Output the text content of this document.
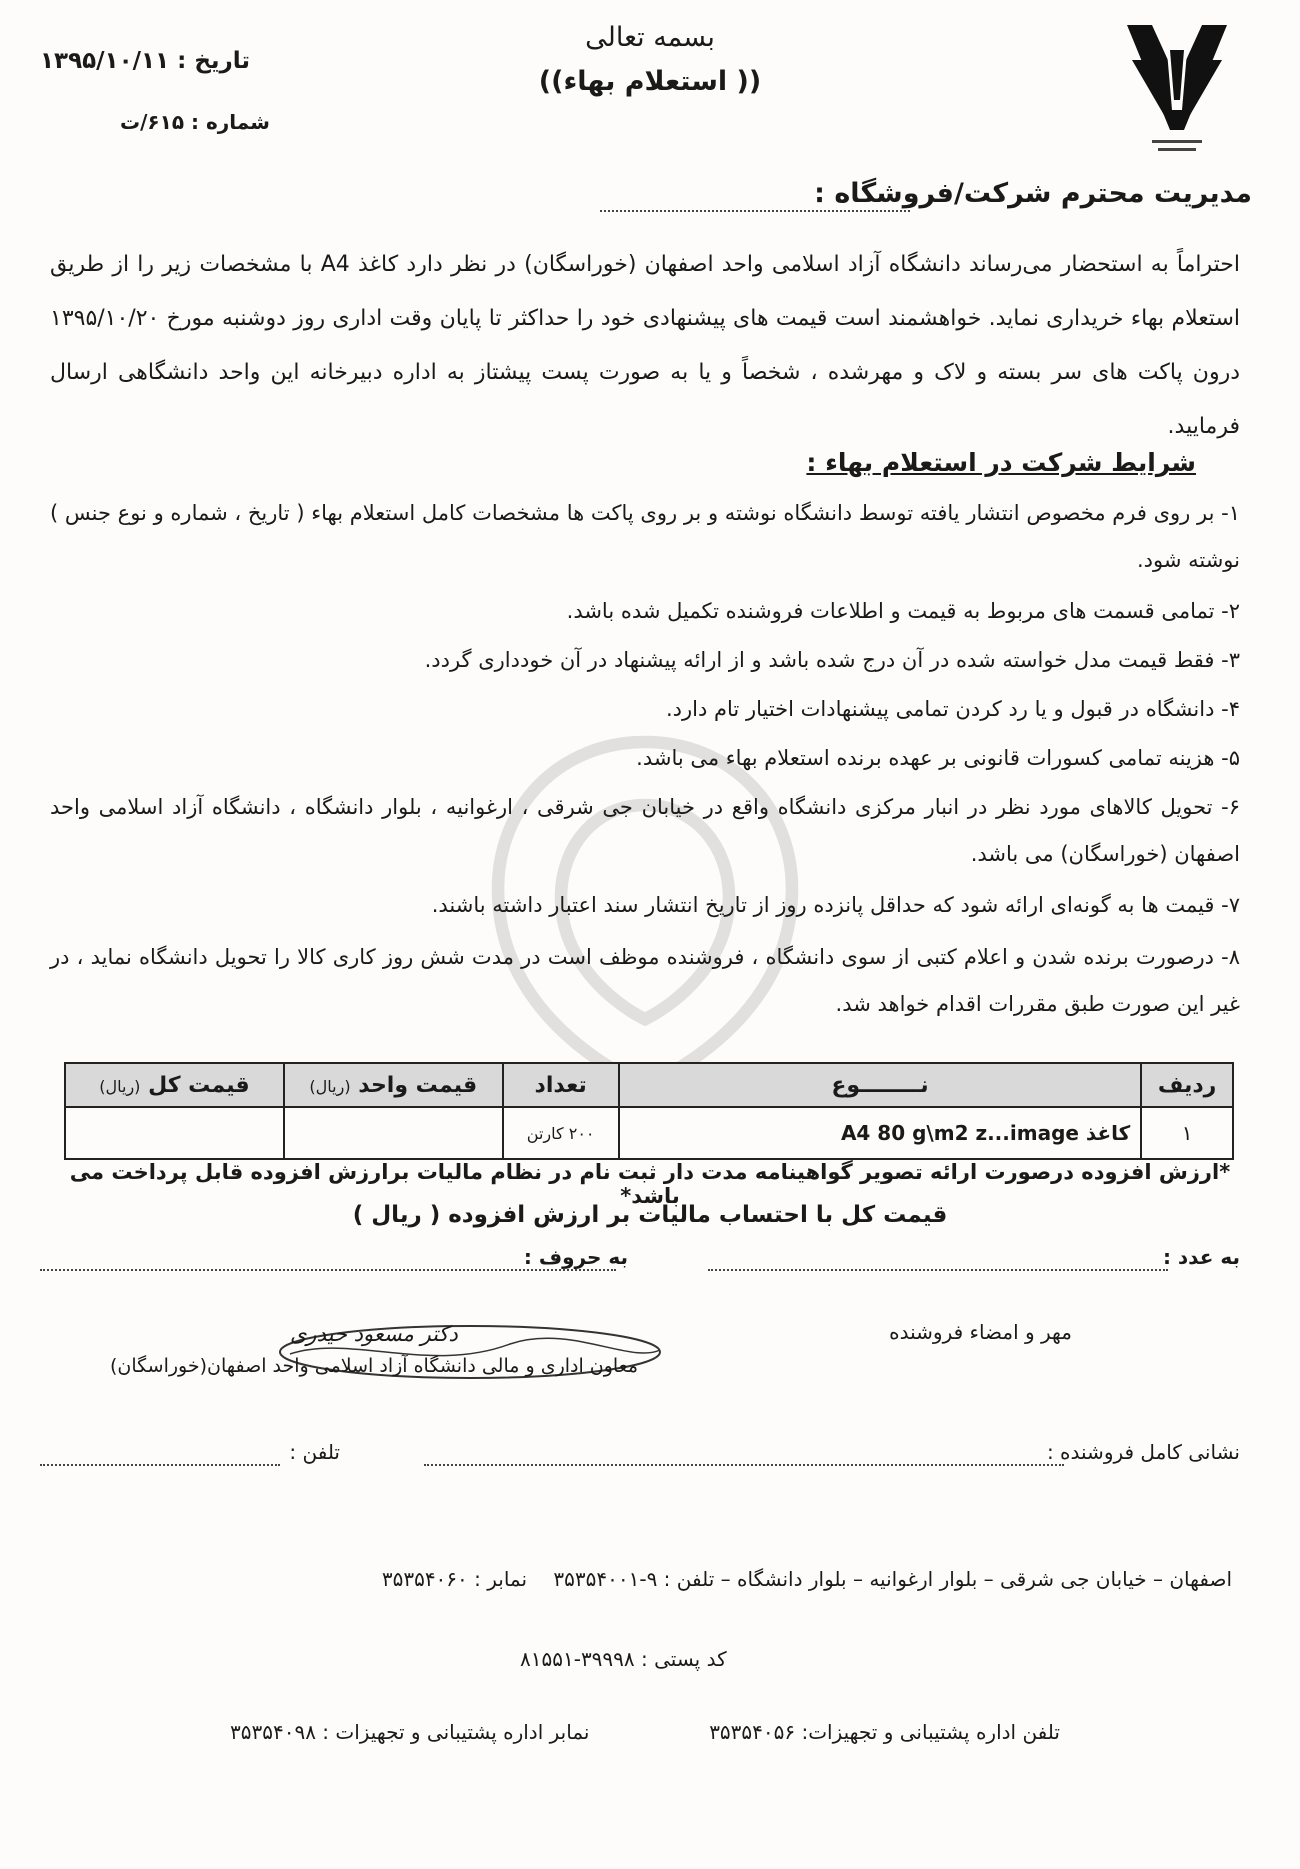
بسمه تعالی
(( استعلام بهاء))
تاریخ : ۱۳۹۵/۱۰/۱۱
شماره : ۶۱۵/ت
مدیریت محترم شرکت/فروشگاه :
احتراماً به استحضار می‌رساند دانشگاه آزاد اسلامی واحد اصفهان (خوراسگان) در نظر دارد کاغذ A4 با مشخصات زیر را از طریق استعلام بهاء خریداری نماید. خواهشمند است قیمت های پیشنهادی خود را حداکثر تا پایان وقت اداری روز دوشنبه مورخ ۱۳۹۵/۱۰/۲۰ درون پاکت های سر بسته و لاک و مهرشده ، شخصاً و یا به صورت پست پیشتاز به اداره دبیرخانه این واحد دانشگاهی ارسال فرمایید.
شرایط شرکت در استعلام بهاء :
۱- بر روی فرم مخصوص انتشار یافته توسط دانشگاه نوشته و بر روی پاکت ها مشخصات کامل استعلام بهاء ( تاریخ ، شماره و نوع جنس ) نوشته شود.
۲- تمامی قسمت های مربوط به قیمت و اطلاعات فروشنده تکمیل شده باشد.
۳- فقط قیمت مدل خواسته شده در آن درج شده باشد و از ارائه پیشنهاد در آن خودداری گردد.
۴- دانشگاه در قبول و یا رد کردن تمامی پیشنهادات اختیار تام دارد.
۵- هزینه تمامی کسورات قانونی بر عهده برنده استعلام بهاء می باشد.
۶- تحویل کالاهای مورد نظر در انبار مرکزی دانشگاه واقع در خیابان جی شرقی ، ارغوانیه ، بلوار دانشگاه ، دانشگاه آزاد اسلامی واحد اصفهان (خوراسگان) می باشد.
۷- قیمت ها به گونه‌ای ارائه شود که حداقل پانزده روز از تاریخ انتشار سند اعتبار داشته باشند.
۸- درصورت برنده شدن و اعلام کتبی از سوی دانشگاه ، فروشنده موظف است در مدت شش روز کاری کالا را تحویل دانشگاه نماید ، در غیر این صورت طبق مقررات اقدام خواهد شد.
ردیف	نــــــــوع	تعداد	قیمت واحد (ریال)	قیمت کل (ریال)
۱	کاغذ A4 80 g\m2 z...image	۲۰۰ کارتن		
*ارزش افزوده درصورت ارائه تصویر گواهینامه مدت دار ثبت نام در نظام مالیات برارزش افزوده قابل پرداخت می باشد*
قیمت کل با احتساب مالیات بر ارزش افزوده ( ریال )
به عدد :
به حروف :
مهر و امضاء فروشنده
دکتر مسعود حیدری
معاون اداری و مالی دانشگاه آزاد اسلامی واحد اصفهان(خوراسگان)
نشانی کامل فروشنده :
تلفن :
اصفهان – خیابان جی شرقی – بلوار ارغوانیه – بلوار دانشگاه – تلفن : ۹-۳۵۳۵۴۰۰۱ نمابر : ۳۵۳۵۴۰۶۰
کد پستی : ۳۹۹۹۸-۸۱۵۵۱
تلفن اداره پشتیبانی و تجهیزات: ۳۵۳۵۴۰۵۶
نمابر اداره پشتیبانی و تجهیزات : ۳۵۳۵۴۰۹۸
